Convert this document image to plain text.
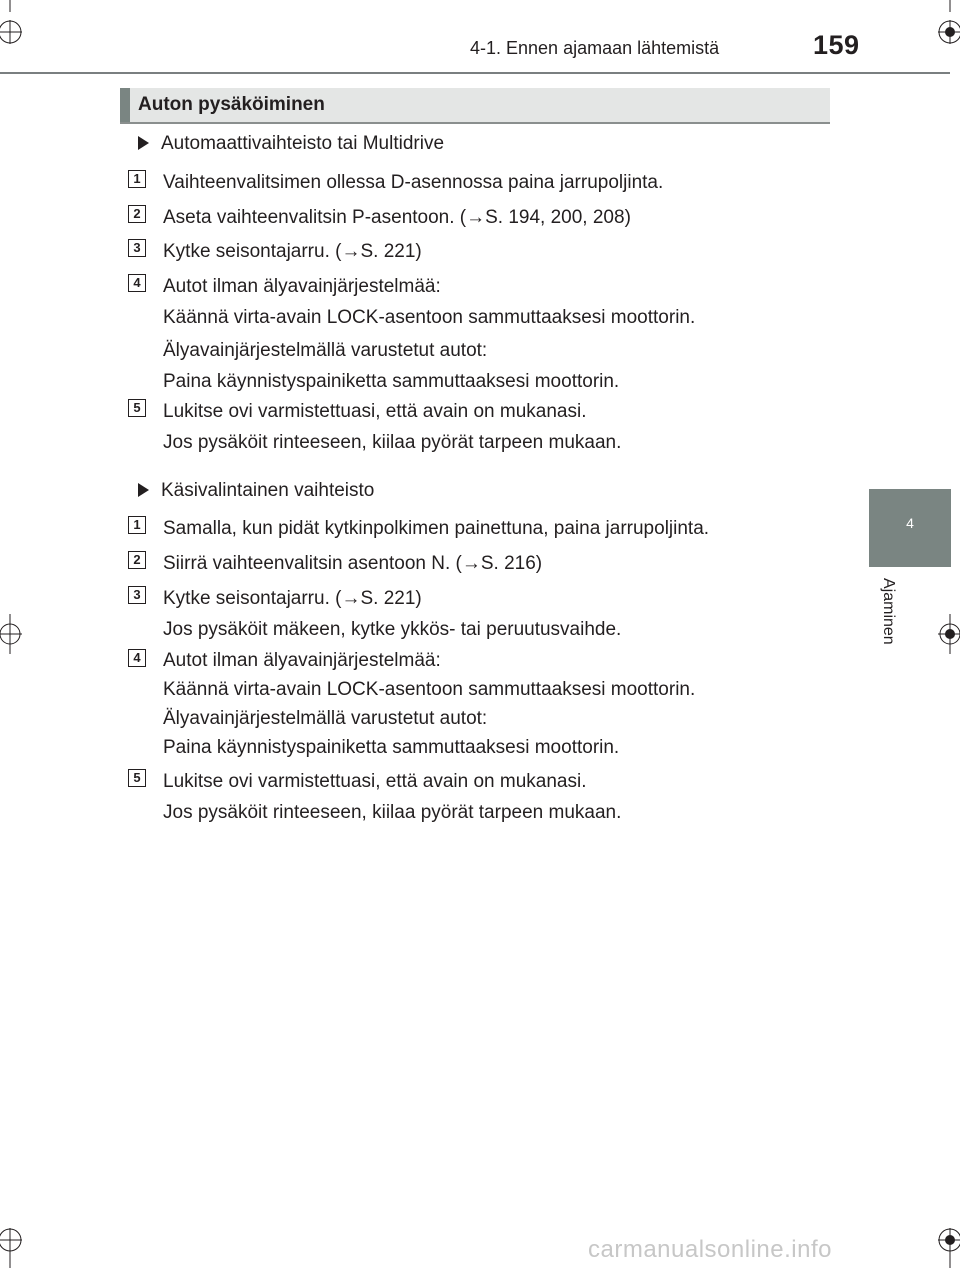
4-1. Ennen ajamaan lähtemistä	159
4
Ajaminen
Auton pysäköiminen
Automaattivaihteisto tai Multidrive
1 Vaihteenvalitsimen ollessa D-asennossa paina jarrupoljinta.
2 Aseta vaihteenvalitsin P-asentoon. (→S. 194, 200, 208)
3 Kytke seisontajarru. (→S. 221)
4 Autot ilman älyavainjärjestelmää:
Käännä virta-avain LOCK-asentoon sammuttaaksesi moottorin.
Älyavainjärjestelmällä varustetut autot:
Paina käynnistyspainiketta sammuttaaksesi moottorin.
5 Lukitse ovi varmistettuasi, että avain on mukanasi.
Jos pysäköit rinteeseen, kiilaa pyörät tarpeen mukaan.
Käsivalintainen vaihteisto
1 Samalla, kun pidät kytkinpolkimen painettuna, paina jarrupoljinta.
2 Siirrä vaihteenvalitsin asentoon N. (→S. 216)
3 Kytke seisontajarru. (→S. 221)
Jos pysäköit mäkeen, kytke ykkös- tai peruutusvaihde.
4 Autot ilman älyavainjärjestelmää:
Käännä virta-avain LOCK-asentoon sammuttaaksesi moottorin.
Älyavainjärjestelmällä varustetut autot:
Paina käynnistyspainiketta sammuttaaksesi moottorin.
5 Lukitse ovi varmistettuasi, että avain on mukanasi.
Jos pysäköit rinteeseen, kiilaa pyörät tarpeen mukaan.
carmanualsonline.info
